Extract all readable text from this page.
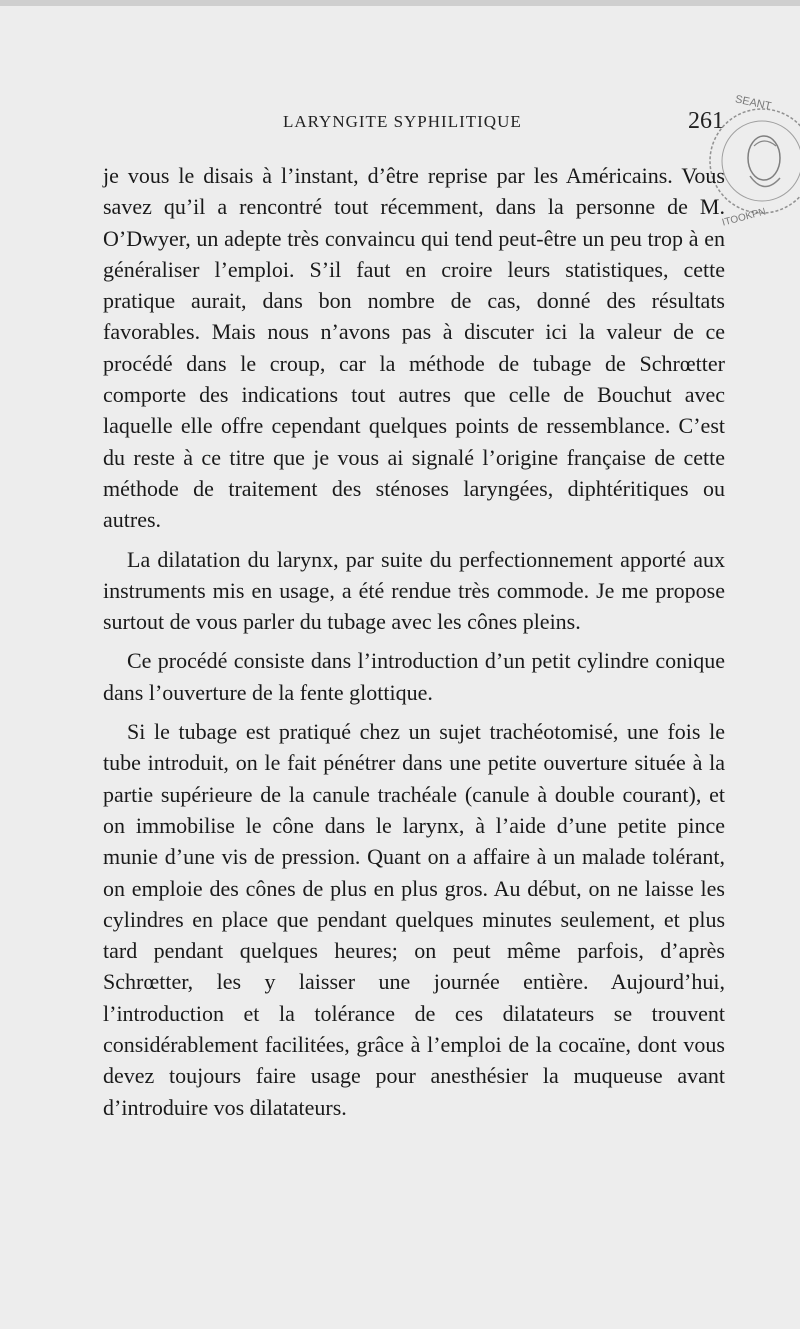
LARYNGITE SYPHILITIQUE	261
SEANT
ITOOKPN

je vous le disais à l’instant, d’être reprise par les Américains. Vous savez qu’il a rencontré tout récemment, dans la personne de M. O’Dwyer, un adepte très convaincu qui tend peut-être un peu trop à en généraliser l’emploi. S’il faut en croire leurs statistiques, cette pratique aurait, dans bon nombre de cas, donné des résultats favorables. Mais nous n’avons pas à discuter ici la valeur de ce procédé dans le croup, car la méthode de tubage de Schrœtter comporte des indications tout autres que celle de Bouchut avec laquelle elle offre cependant quelques points de ressemblance. C’est du reste à ce titre que je vous ai signalé l’origine française de cette méthode de traitement des sténoses laryngées, diphtéritiques ou autres.

La dilatation du larynx, par suite du perfectionnement apporté aux instruments mis en usage, a été rendue très commode. Je me propose surtout de vous parler du tubage avec les cônes pleins.

Ce procédé consiste dans l’introduction d’un petit cylindre conique dans l’ouverture de la fente glottique.

Si le tubage est pratiqué chez un sujet trachéotomisé, une fois le tube introduit, on le fait pénétrer dans une petite ouverture située à la partie supérieure de la canule trachéale (canule à double courant), et on immobilise le cône dans le larynx, à l’aide d’une petite pince munie d’une vis de pression. Quant on a affaire à un malade tolérant, on emploie des cônes de plus en plus gros. Au début, on ne laisse les cylindres en place que pendant quelques minutes seulement, et plus tard pendant quelques heures; on peut même parfois, d’après Schrœtter, les y laisser une journée entière. Aujourd’hui, l’introduction et la tolérance de ces dilatateurs se trouvent considérablement facilitées, grâce à l’emploi de la cocaïne, dont vous devez toujours faire usage pour anesthésier la muqueuse avant d’introduire vos dilatateurs.
